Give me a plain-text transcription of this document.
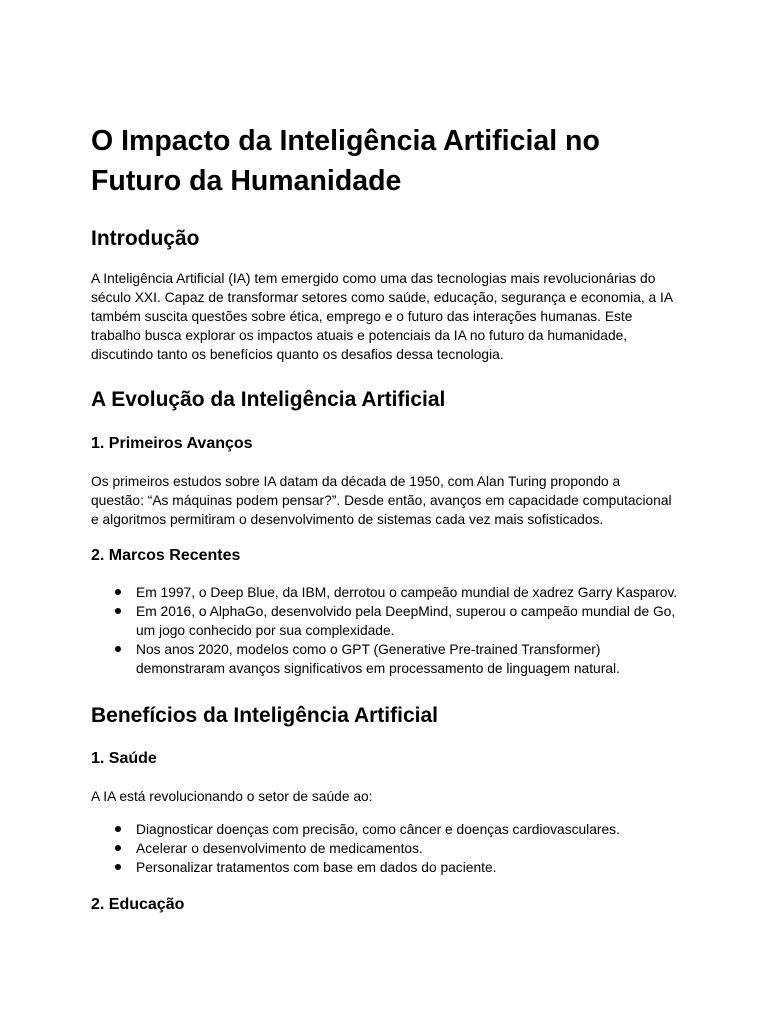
O Impacto da Inteligência Artificial no
Futuro da Humanidade
Introdução

A Inteligência Artificial (IA) tem emergido como uma das tecnologias mais revolucionárias do
século XXI. Capaz de transformar setores como saúde, educação, segurança e economia, a IA
também suscita questões sobre ética, emprego e o futuro das interações humanas. Este
trabalho busca explorar os impactos atuais e potenciais da IA no futuro da humanidade,
discutindo tanto os benefícios quanto os desafios dessa tecnologia.

A Evolução da Inteligência Artificial
1. Primeiros Avanços

Os primeiros estudos sobre IA datam da década de 1950, com Alan Turing propondo a
questão: “As máquinas podem pensar?”. Desde então, avanços em capacidade computacional
e algoritmos permitiram o desenvolvimento de sistemas cada vez mais sofisticados.

2. Marcos Recentes
Em 1997, o Deep Blue, da IBM, derrotou o campeão mundial de xadrez Garry Kasparov.
Em 2016, o AlphaGo, desenvolvido pela DeepMind, superou o campeão mundial de Go,
um jogo conhecido por sua complexidade.
Nos anos 2020, modelos como o GPT (Generative Pre-trained Transformer)
demonstraram avanços significativos em processamento de linguagem natural.
Benefícios da Inteligência Artificial
1. Saúde

A IA está revolucionando o setor de saúde ao:

Diagnosticar doenças com precisão, como câncer e doenças cardiovasculares.
Acelerar o desenvolvimento de medicamentos.
Personalizar tratamentos com base em dados do paciente.
2. Educação
